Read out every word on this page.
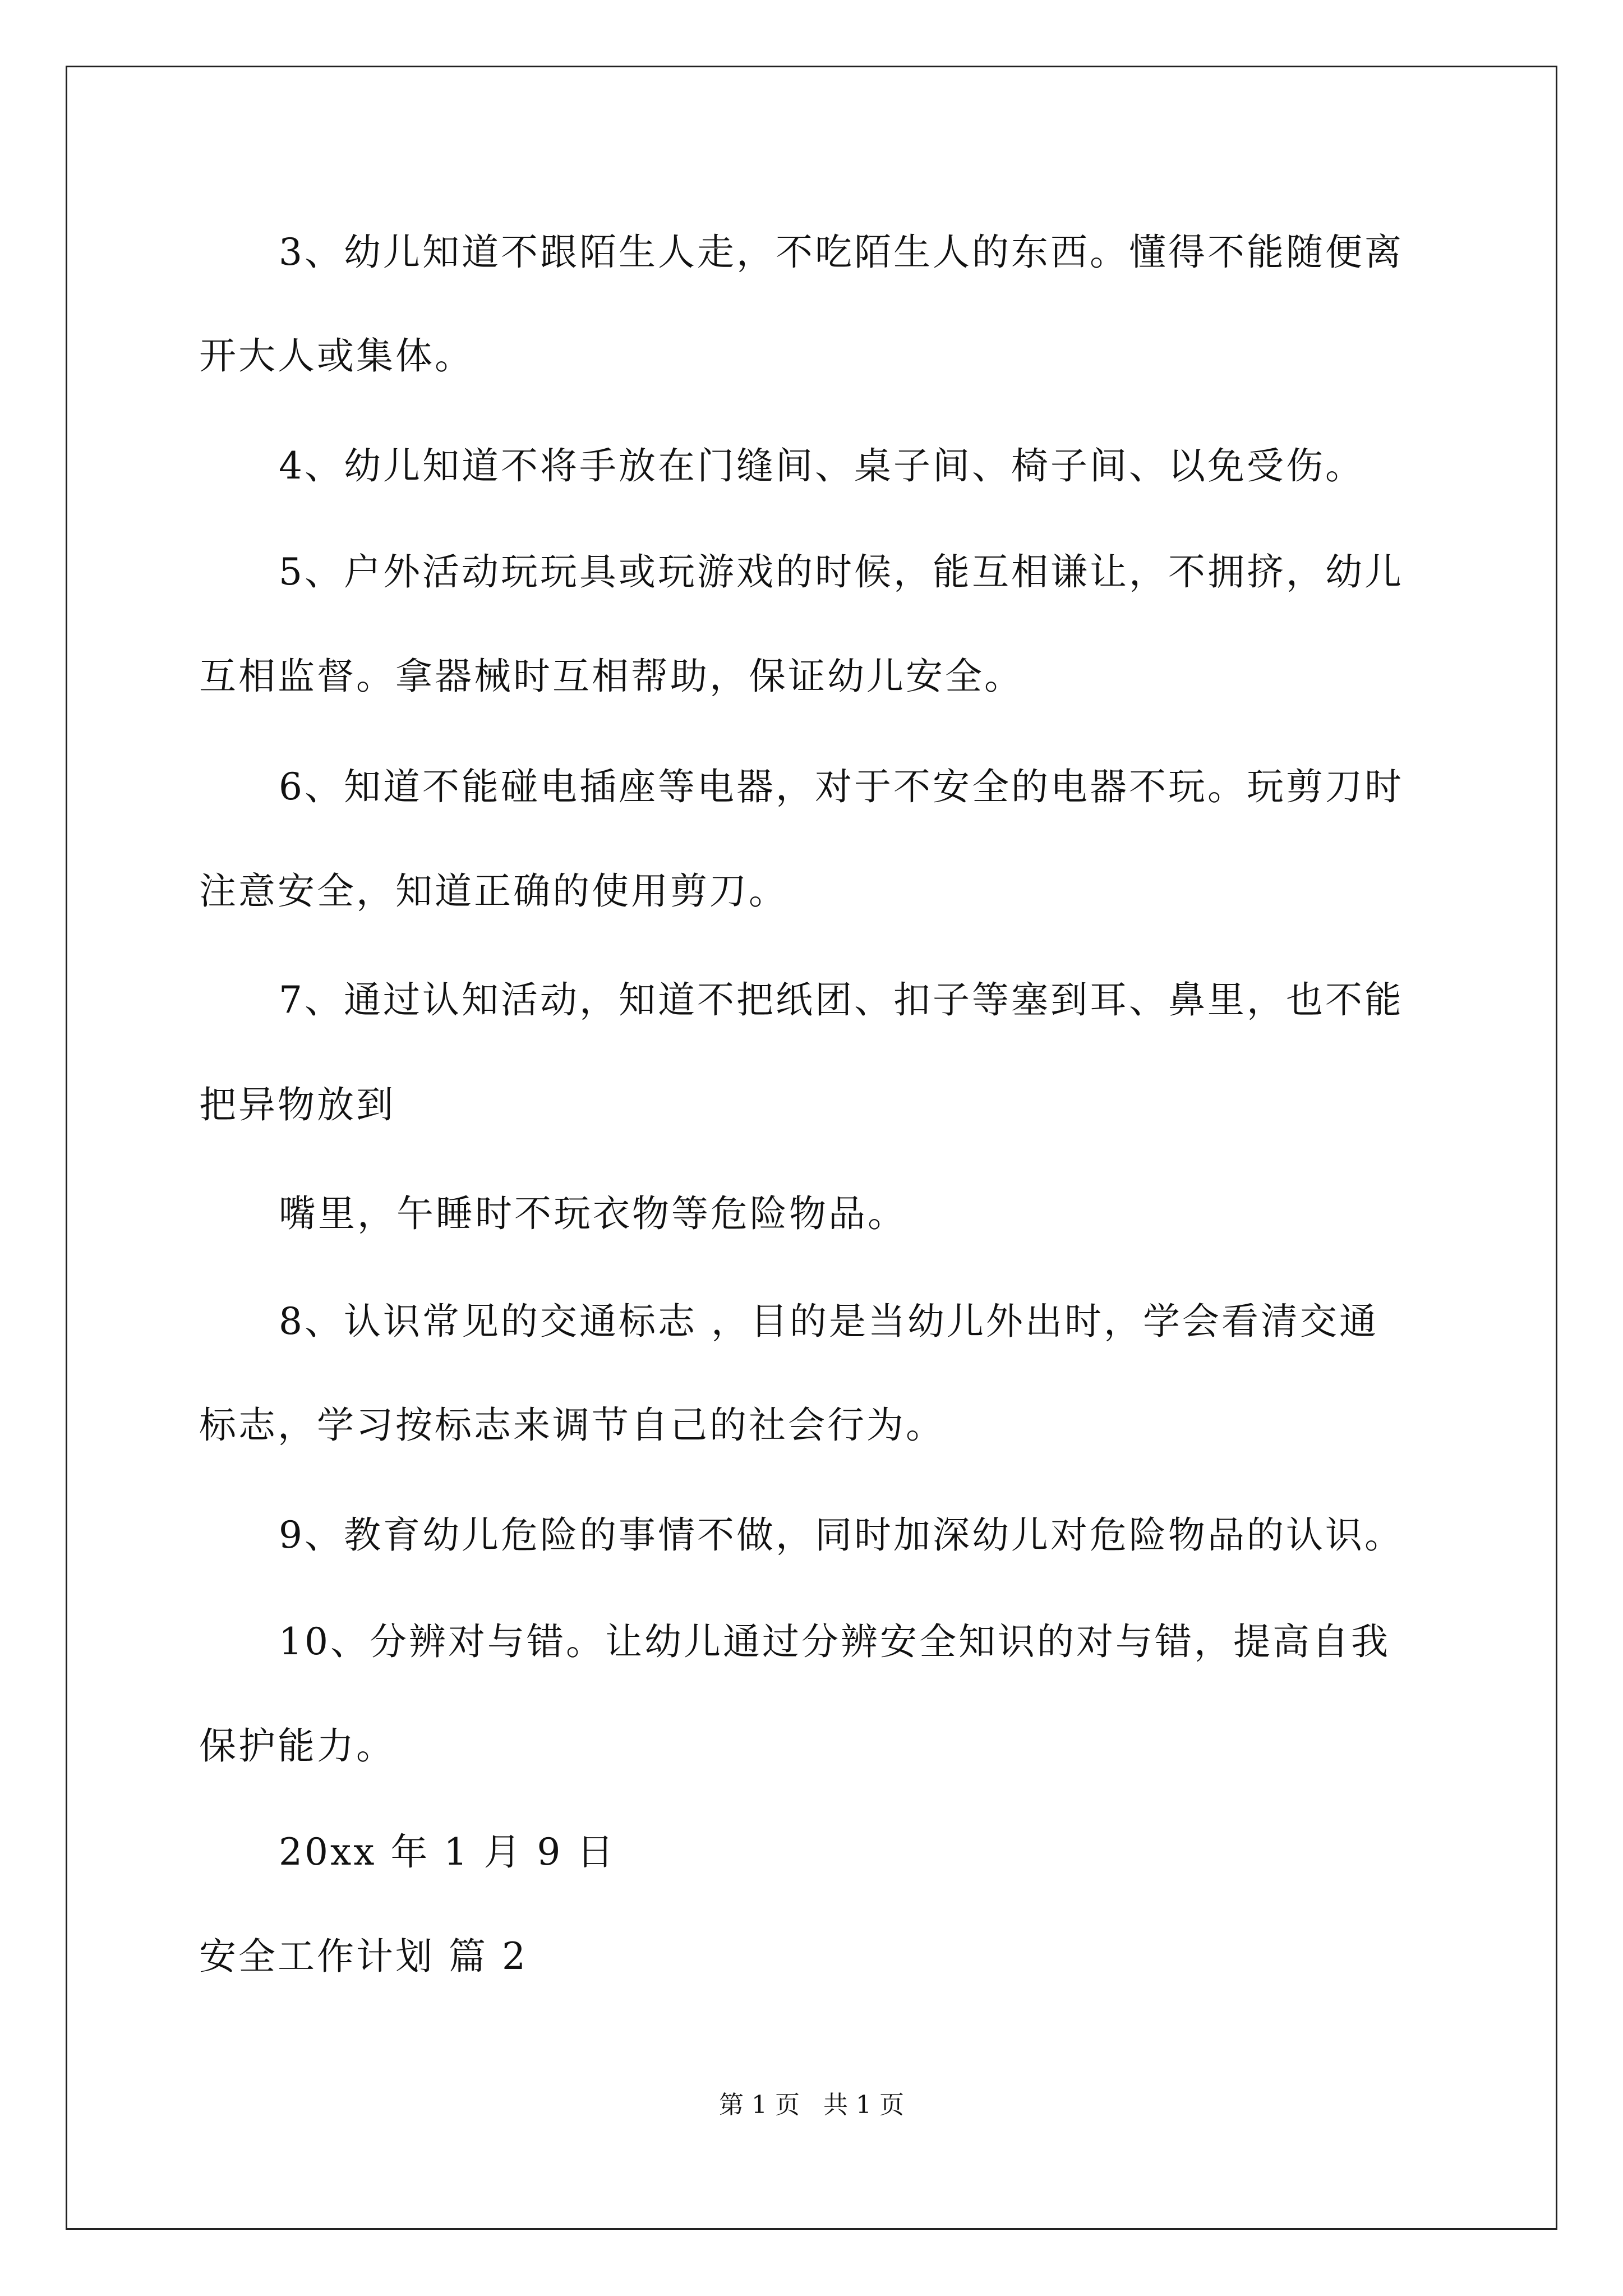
3、幼儿知道不跟陌生人走，不吃陌生人的东西。懂得不能随便离
开大人或集体。
4、幼儿知道不将手放在门缝间、桌子间、椅子间、以免受伤。
5、户外活动玩玩具或玩游戏的时候，能互相谦让，不拥挤，幼儿
互相监督。拿器械时互相帮助，保证幼儿安全。
6、知道不能碰电插座等电器，对于不安全的电器不玩。玩剪刀时
注意安全，知道正确的使用剪刀。
7、通过认知活动，知道不把纸团、扣子等塞到耳、鼻里，也不能
把异物放到
嘴里，午睡时不玩衣物等危险物品。
8、认识常见的交通标志 ，目的是当幼儿外出时，学会看清交通
标志，学习按标志来调节自己的社会行为。
9、教育幼儿危险的事情不做，同时加深幼儿对危险物品的认识。
10、分辨对与错。让幼儿通过分辨安全知识的对与错，提高自我
保护能力。
20xx 年 1 月 9 日
安全工作计划 篇 2
第 1 页   共 1 页
